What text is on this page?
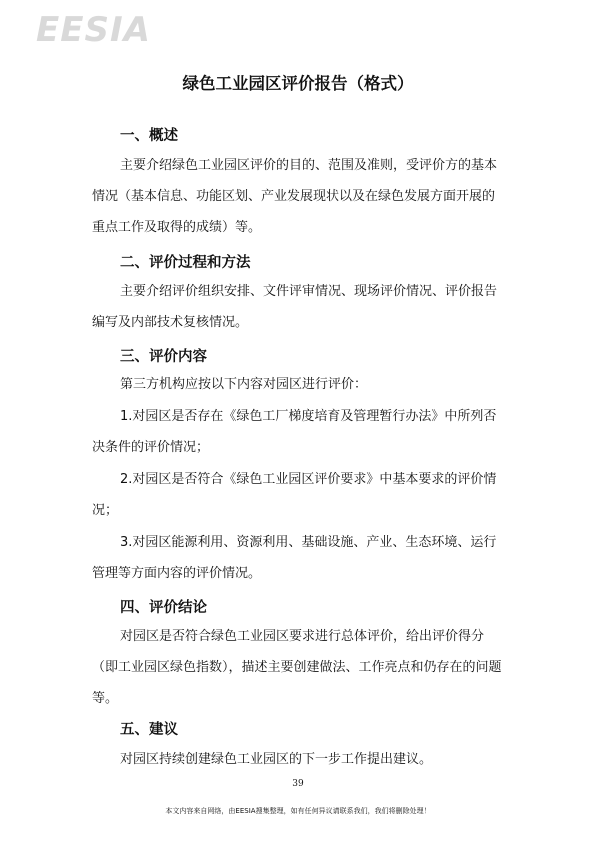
EESIA
绿色工业园区评价报告（格式）
一、概述

主要介绍绿色工业园区评价的目的、范围及准则，受评价方的基本情况（基本信息、功能区划、产业发展现状以及在绿色发展方面开展的重点工作及取得的成绩）等。

二、评价过程和方法

主要介绍评价组织安排、文件评审情况、现场评价情况、评价报告编写及内部技术复核情况。

三、评价内容

第三方机构应按以下内容对园区进行评价：

1.对园区是否存在《绿色工厂梯度培育及管理暂行办法》中所列否决条件的评价情况；

2.对园区是否符合《绿色工业园区评价要求》中基本要求的评价情况；

3.对园区能源利用、资源利用、基础设施、产业、生态环境、运行管理等方面内容的评价情况。

四、评价结论

对园区是否符合绿色工业园区要求进行总体评价，给出评价得分（即工业园区绿色指数），描述主要创建做法、工作亮点和仍存在的问题等。

五、建议

对园区持续创建绿色工业园区的下一步工作提出建议。

39
本文内容来自网络，由EESIA搜集整理，如有任何异议请联系我们，我们将删除处理！
